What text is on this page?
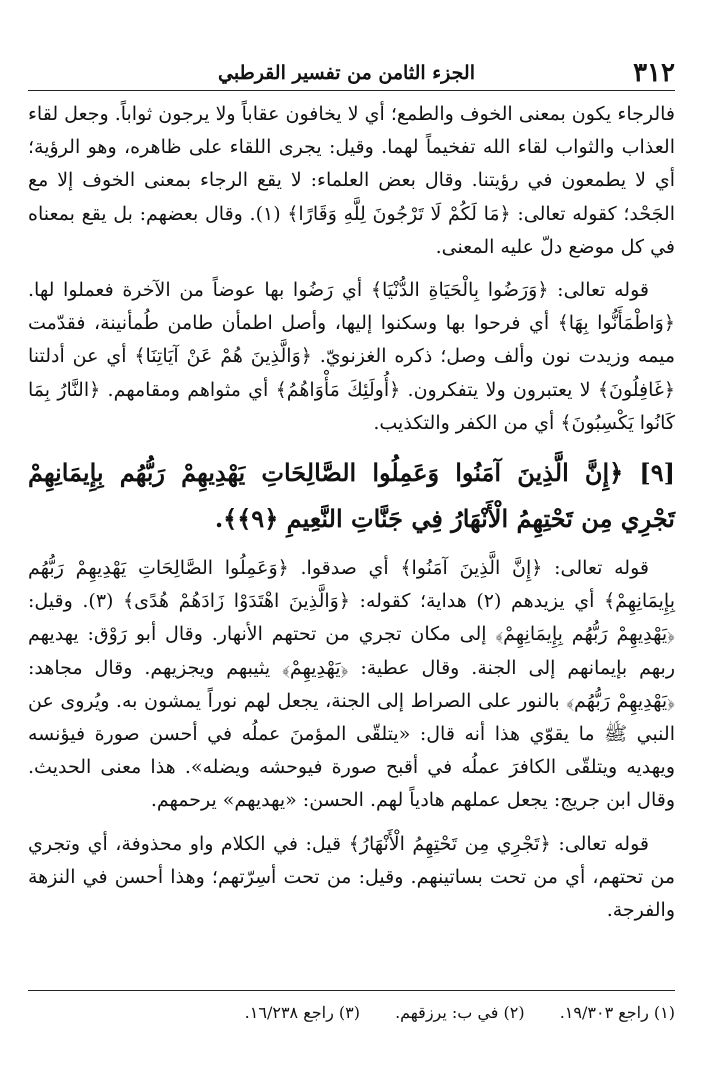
٣١٢
الجزء الثامن من تفسير القرطبي

فالرجاء يكون بمعنى الخوف والطمع؛ أي لا يخافون عقاباً ولا يرجون ثواباً. وجعل لقاء العذاب والثواب لقاء الله تفخيماً لهما. وقيل: يجرى اللقاء على ظاهره، وهو الرؤية؛ أي لا يطمعون في رؤيتنا. وقال بعض العلماء: لا يقع الرجاء بمعنى الخوف إلا مع الجَحْد؛ كقوله تعالى: ﴿مَا لَكُمْ لَا تَرْجُونَ لِلَّهِ وَقَارًا﴾ (١). وقال بعضهم: بل يقع بمعناه في كل موضع دلّ عليه المعنى.

قوله تعالى: ﴿وَرَضُوا بِالْحَيَاةِ الدُّنْيَا﴾ أي رَضُوا بها عوضاً من الآخرة فعملوا لها. ﴿وَاطْمَأَنُّوا بِهَا﴾ أي فرحوا بها وسكنوا إليها، وأصل اطمأن طامن طُمأنينة، فقدّمت ميمه وزيدت نون وألف وصل؛ ذكره الغزنويّ. ﴿وَالَّذِينَ هُمْ عَنْ آيَاتِنَا﴾ أي عن أدلتنا ﴿غَافِلُونَ﴾ لا يعتبرون ولا يتفكرون. ﴿أُولَئِكَ مَأْوَاهُمُ﴾ أي مثواهم ومقامهم. ﴿النَّارُ بِمَا كَانُوا يَكْسِبُونَ﴾ أي من الكفر والتكذيب.

[٩] ﴿إِنَّ الَّذِينَ آمَنُوا وَعَمِلُوا الصَّالِحَاتِ يَهْدِيهِمْ رَبُّهُم بِإِيمَانِهِمْ تَجْرِي مِن تَحْتِهِمُ الْأَنْهَارُ فِي جَنَّاتِ النَّعِيمِ ﴿٩﴾﴾.

قوله تعالى: ﴿إِنَّ الَّذِينَ آمَنُوا﴾ أي صدقوا. ﴿وَعَمِلُوا الصَّالِحَاتِ يَهْدِيهِمْ رَبُّهُم بِإِيمَانِهِمْ﴾ أي يزيدهم (٢) هداية؛ كقوله: ﴿وَالَّذِينَ اهْتَدَوْا زَادَهُمْ هُدًى﴾ (٣). وقيل: ﴿يَهْدِيهِمْ رَبُّهُم بِإِيمَانِهِمْ﴾ إلى مكان تجري من تحتهم الأنهار. وقال أبو رَوْق: يهديهم ربهم بإيمانهم إلى الجنة. وقال عطية: ﴿يَهْدِيهِمْ﴾ يثيبهم ويجزيهم. وقال مجاهد: ﴿يَهْدِيهِمْ رَبُّهُم﴾ بالنور على الصراط إلى الجنة، يجعل لهم نوراً يمشون به. ويُروى عن النبي ﷺ ما يقوّي هذا أنه قال: «يتلقّى المؤمنَ عملُه في أحسن صورة فيؤنسه ويهديه ويتلقّى الكافرَ عملُه في أقبح صورة فيوحشه ويضله». هذا معنى الحديث. وقال ابن جريج: يجعل عملهم هادياً لهم. الحسن: «يهديهم» يرحمهم.

قوله تعالى: ﴿تَجْرِي مِن تَحْتِهِمُ الْأَنْهَارُ﴾ قيل: في الكلام واو محذوفة، أي وتجري من تحتهم، أي من تحت بساتينهم. وقيل: من تحت أسِرّتهم؛ وهذا أحسن في النزهة والفرجة.

(١) راجع ١٩/٣٠٣. (٢) في ب: يرزقهم. (٣) راجع ١٦/٢٣٨.
